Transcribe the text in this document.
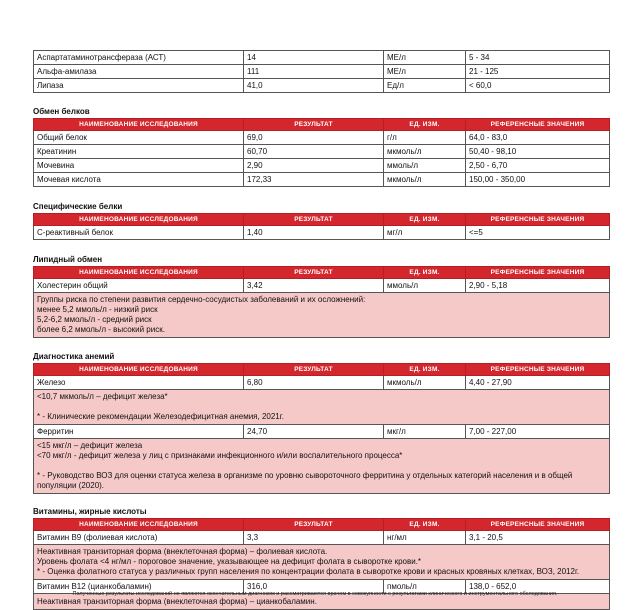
Аспартатаминотрансфераза (АСТ)	14	МЕ/л	5 - 34
Альфа-амилаза	111	МЕ/л	21 - 125
Липаза	41,0	Ед/л	< 60,0
Обмен белков
НАИМЕНОВАНИЕ ИССЛЕДОВАНИЯ	РЕЗУЛЬТАТ	ЕД. ИЗМ.	РЕФЕРЕНСНЫЕ ЗНАЧЕНИЯ
Общий белок	69,0	г/л	64,0 - 83,0
Креатинин	60,70	мкмоль/л	50,40 - 98,10
Мочевина	2,90	ммоль/л	2,50 - 6,70
Мочевая кислота	172,33	мкмоль/л	150,00 - 350,00
Специфические белки
НАИМЕНОВАНИЕ ИССЛЕДОВАНИЯ	РЕЗУЛЬТАТ	ЕД. ИЗМ.	РЕФЕРЕНСНЫЕ ЗНАЧЕНИЯ
С-реактивный белок	1,40	мг/л	<=5
Липидный обмен
НАИМЕНОВАНИЕ ИССЛЕДОВАНИЯ	РЕЗУЛЬТАТ	ЕД. ИЗМ.	РЕФЕРЕНСНЫЕ ЗНАЧЕНИЯ
Холестерин общий	3,42	ммоль/л	2,90 - 5,18

Группы риска по степени развития сердечно-сосудистых заболеваний и их осложнений:
менее 5,2 ммоль/л - низкий риск
5,2-6,2 ммоль/л - средний риск
более 6,2 ммоль/л - высокий риск.			
Диагностика анемий
НАИМЕНОВАНИЕ ИССЛЕДОВАНИЯ	РЕЗУЛЬТАТ	ЕД. ИЗМ.	РЕФЕРЕНСНЫЕ ЗНАЧЕНИЯ
Железо	6,80	мкмоль/л	4,40 - 27,90

<10,7 мкмоль/л – дефицит железа*
* - Клинические рекомендации Железодефицитная анемия, 2021г.			

Ферритин	24,70	мкг/л	7,00 - 227,00

<15 мкг/л – дефицит железа
<70 мкг/л - дефицит железа у лиц с признаками инфекционного и/или воспалительного процесса*
* - Руководство ВОЗ для оценки статуса железа в организме по уровню сывороточного ферритина у отдельных категорий населения и в общей популяции (2020).			
Витамины, жирные кислоты
НАИМЕНОВАНИЕ ИССЛЕДОВАНИЯ	РЕЗУЛЬТАТ	ЕД. ИЗМ.	РЕФЕРЕНСНЫЕ ЗНАЧЕНИЯ
Витамин В9 (фолиевая кислота)	3,3	нг/мл	3,1 - 20,5

Неактивная транзиторная форма (внеклеточная форма) – фолиевая кислота.
Уровень фолата <4 нг/мл - пороговое значение, указывающее на дефицит фолата в сыворотке крови.*
* - Оценка фолатного статуса у различных групп населения по концентрации фолата в сыворотке крови и красных кровяных клетках, ВОЗ, 2012г.			

Витамин В12 (цианкобаламин)	316,0	пмоль/л	138,0 - 652,0

Неактивная транзиторная форма (внеклеточная форма) – цианкобаламин.			
Полученные результаты исследований не являются окончательным диагнозом и рассматриваются врачом в совокупности с результатами клинического и инструментального обследования.
